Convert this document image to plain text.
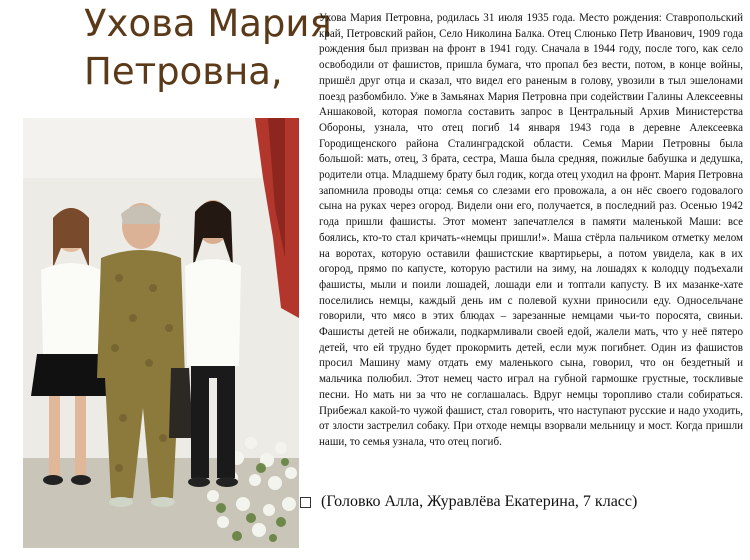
Ухова Мария
Петровна,
Ухова Мария Петровна, родилась 31 июля 1935 года. Место рождения: Ставропольский край, Петровский район, Село Николина Балка. Отец Слюнько Петр Иванович, 1909 года рождения был призван на фронт в 1941 году. Сначала в 1944 году, после того, как село освободили от фашистов, пришла бумага, что пропал без вести, потом, в конце войны, пришёл друг отца и сказал, что видел его раненым в голову, увозили в тыл эшелонами поезд разбомбило. Уже в Замьянах Мария Петровна при содействии Галины Алексеевны Аншаковой, которая помогла составить запрос в Центральный Архив Министерства Обороны, узнала, что отец погиб 14 января 1943 года в деревне Алексеевка Городищенского района Сталинградской области. Семья Марии Петровны была большой: мать, отец, 3 брата, сестра, Маша была средняя, пожилые бабушка и дедушка, родители отца. Младшему брату был годик, когда отец уходил на фронт. Мария Петровна запомнила проводы отца: семья со слезами его провожала, а он нёс своего годовалого сына на руках через огород. Видели они его, получается, в последний раз. Осенью 1942 года пришли фашисты. Этот момент запечатлелся в памяти маленькой Маши: все боялись, кто-то стал кричать-«немцы пришли!». Маша стёрла пальчиком отметку мелом на воротах, которую оставили фашистские квартирьеры, а потом увидела, как в их огород, прямо по капусте, которую растили на зиму, на лошадях к колодцу подъехали фашисты, мыли и поили лошадей, лошади ели и топтали капусту. В их мазанке-хате поселились немцы, каждый день им с полевой кухни приносили еду. Односельчане говорили, что мясо в этих блюдах – зарезанные немцами чьи-то поросята, свиньи. Фашисты детей не обижали, подкармливали своей едой, жалели мать, что у неё пятеро детей, что ей трудно будет прокормить детей, если муж погибнет. Один из фашистов просил Машину маму отдать ему маленького сына, говорил, что он бездетный и мальчика полюбил. Этот немец часто играл на губной гармошке грустные, тоскливые песни. Но мать ни за что не соглашалась. Вдруг немцы торопливо стали собираться. Прибежал какой-то чужой фашист, стал говорить, что наступают русские и надо уходить, от злости застрелил собаку. При отходе немцы взорвали мельницу и мост. Когда пришли наши, то семья узнала, что отец погиб.
(Головко Алла, Журавлёва Екатерина, 7 класс)
